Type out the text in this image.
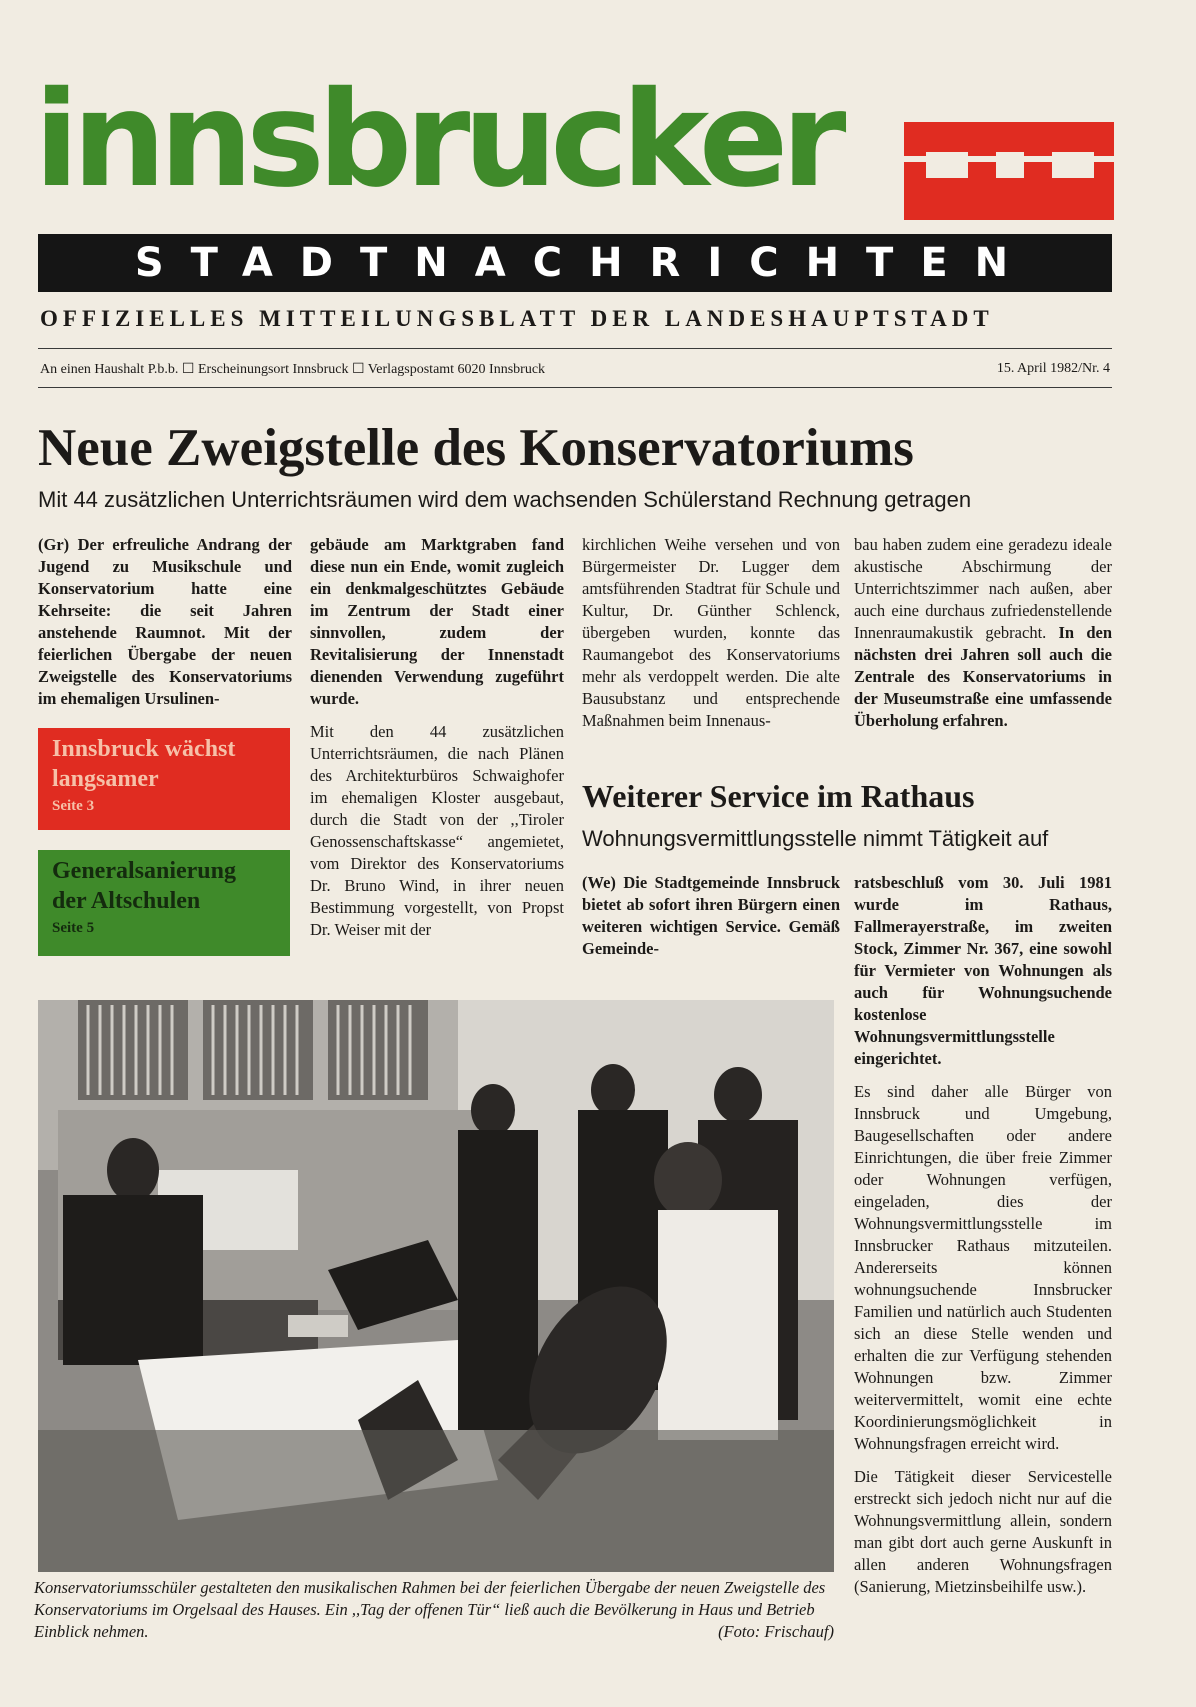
innsbrucker
STADTNACHRICHTEN
OFFIZIELLES MITTEILUNGSBLATT DER LANDESHAUPTSTADT
An einen Haushalt P.b.b. ☐ Erscheinungsort Innsbruck ☐ Verlagspostamt 6020 Innsbruck	15. April 1982/Nr. 4
Neue Zweigstelle des Konservatoriums
Mit 44 zusätzlichen Unterrichtsräumen wird dem wachsenden Schülerstand Rechnung getragen

(Gr) Der erfreuliche Andrang der Jugend zu Musikschule und Konservatorium hatte eine Kehrseite: die seit Jahren anstehende Raumnot. Mit der feierlichen Übergabe der neuen Zweigstelle des Konservatoriums im ehemaligen Ursulinen-

gebäude am Marktgraben fand diese nun ein Ende, womit zugleich ein denkmalgeschütztes Gebäude im Zentrum der Stadt einer sinnvollen, zudem der Revitalisierung der Innenstadt dienenden Verwendung zugeführt wurde.

Mit den 44 zusätzlichen Unterrichtsräumen, die nach Plänen des Architekturbüros Schwaighofer im ehemaligen Kloster ausgebaut, durch die Stadt von der ,,Tiroler Genossenschaftskasse“ angemietet, vom Direktor des Konservatoriums Dr. Bruno Wind, in ihrer neuen Bestimmung vorgestellt, von Propst Dr. Weiser mit der

kirchlichen Weihe versehen und von Bürgermeister Dr. Lugger dem amtsführenden Stadtrat für Schule und Kultur, Dr. Günther Schlenck, übergeben wurden, konnte das Raumangebot des Konservatoriums mehr als verdoppelt werden. Die alte Bausubstanz und entsprechende Maßnahmen beim Innenaus-

bau haben zudem eine geradezu ideale akustische Abschirmung der Unterrichtszimmer nach außen, aber auch eine durchaus zufriedenstellende Innenraumakustik gebracht. In den nächsten drei Jahren soll auch die Zentrale des Konservatoriums in der Museumstraße eine umfassende Überholung erfahren.

Innsbruck wächst langsamer
Seite 3
Generalsanierung der Altschulen
Seite 5
Weiterer Service im Rathaus
Wohnungsvermittlungsstelle nimmt Tätigkeit auf

(We) Die Stadtgemeinde Innsbruck bietet ab sofort ihren Bürgern einen weiteren wichtigen Service. Gemäß Gemeinde-

ratsbeschluß vom 30. Juli 1981 wurde im Rathaus, Fallmerayerstraße, im zweiten Stock, Zimmer Nr. 367, eine sowohl für Vermieter von Wohnungen als auch für Wohnungsuchende kostenlose Wohnungsvermittlungsstelle eingerichtet.

Es sind daher alle Bürger von Innsbruck und Umgebung, Baugesellschaften oder andere Einrichtungen, die über freie Zimmer oder Wohnungen verfügen, eingeladen, dies der Wohnungsvermittlungsstelle im Innsbrucker Rathaus mitzuteilen. Andererseits können wohnungsuchende Innsbrucker Familien und natürlich auch Studenten sich an diese Stelle wenden und erhalten die zur Verfügung stehenden Wohnungen bzw. Zimmer weitervermittelt, womit eine echte Koordinierungsmöglichkeit in Wohnungsfragen erreicht wird.

Die Tätigkeit dieser Servicestelle erstreckt sich jedoch nicht nur auf die Wohnungsvermittlung allein, sondern man gibt dort auch gerne Auskunft in allen anderen Wohnungsfragen (Sanierung, Mietzinsbeihilfe usw.).

Konservatoriumsschüler gestalteten den musikalischen Rahmen bei der feierlichen Übergabe der neuen Zweigstelle des Konservatoriums im Orgelsaal des Hauses. Ein ,,Tag der offenen Tür“ ließ auch die Bevölkerung in Haus und Betrieb Einblick nehmen.	(Foto: Frischauf)
